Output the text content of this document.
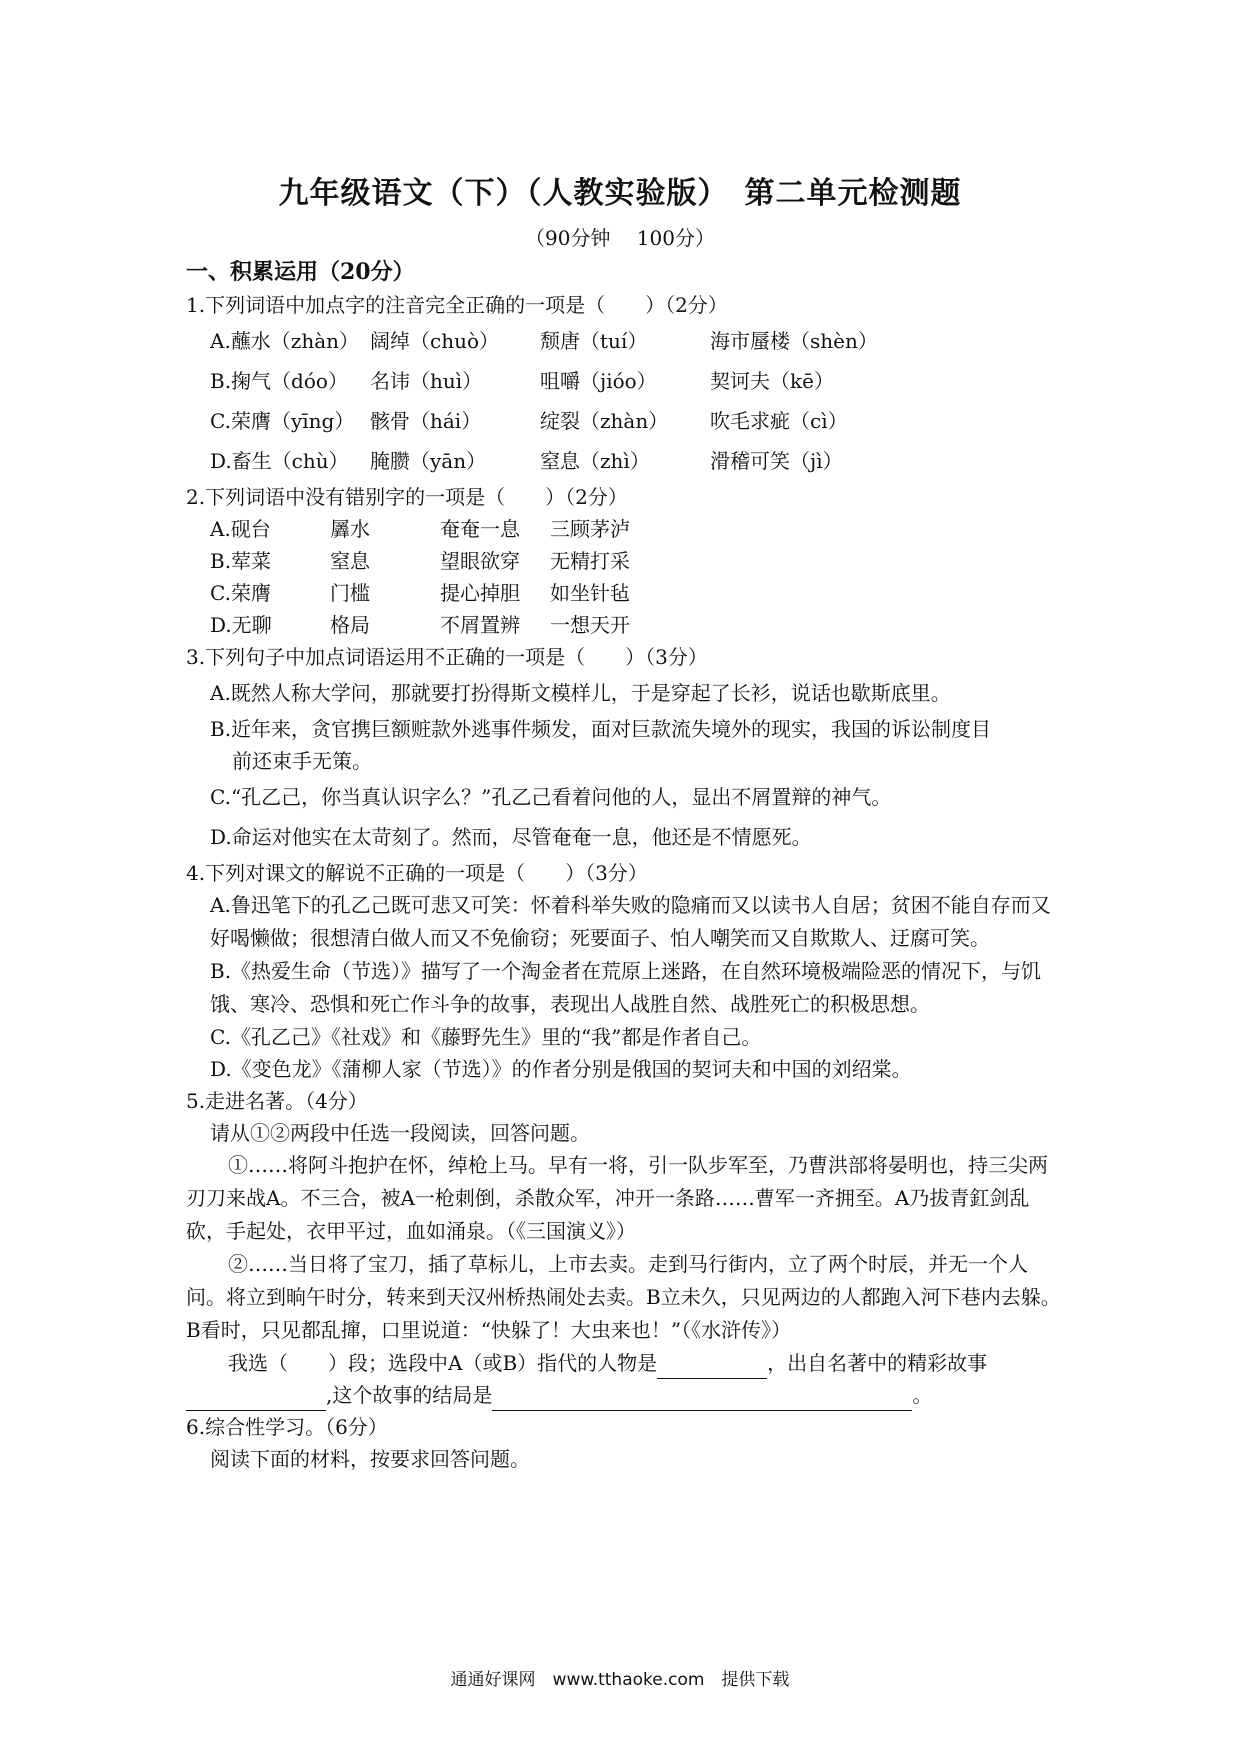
九年级语文（下）（人教实验版）　第二单元检测题
（90分钟　 100分）
一、积累运用（20分）
1.下列词语中加点字的注音完全正确的一项是（　　）（2分）
A.蘸水（zhàn） 阔绰（chuò）	颓唐（tuí）	海市蜃楼（shèn）
B.掬气（dóo）	名讳（huì）	咀嚼（jióo）	契诃夫（kē）
C.荣膺（yīng） 骸骨（hái）	绽裂（zhàn）	吹毛求疵（cì）
D.畜生（chù）	腌臜（yān）	窒息（zhì）	滑稽可笑（jì）
2.下列词语中没有错别字的一项是（　　）（2分）
A.砚台	羼水	奄奄一息	三顾茅泸
B.荤菜	窒息	望眼欲穿	无精打采
C.荣膺	门槛	提心掉胆	如坐针毡
D.无聊	格局	不屑置辨	一想天开
3.下列句子中加点词语运用不正确的一项是（　　）（3分）
A.既然人称大学问，那就要打扮得斯文模样儿，于是穿起了长衫，说话也歇斯底里。
B.近年来，贪官携巨额赃款外逃事件频发，面对巨款流失境外的现实，我国的诉讼制度目
前还束手无策。
C.“孔乙己，你当真认识字么？”孔乙己看着问他的人，显出不屑置辩的神气。
D.命运对他实在太苛刻了。然而，尽管奄奄一息，他还是不情愿死。
4.下列对课文的解说不正确的一项是（　　）（3分）
A.鲁迅笔下的孔乙己既可悲又可笑：怀着科举失败的隐痛而又以读书人自居；贫困不能自存而又好喝懒做；很想清白做人而又不免偷窃；死要面子、怕人嘲笑而又自欺欺人、迂腐可笑。
B.《热爱生命（节选）》描写了一个淘金者在荒原上迷路，在自然环境极端险恶的情况下，与饥饿、寒冷、恐惧和死亡作斗争的故事，表现出人战胜自然、战胜死亡的积极思想。
C.《孔乙己》《社戏》和《藤野先生》里的“我”都是作者自己。
D.《变色龙》《蒲柳人家（节选）》的作者分别是俄国的契诃夫和中国的刘绍棠。
5.走进名著。（4分）
请从①②两段中任选一段阅读，回答问题。
①……将阿斗抱护在怀，绰枪上马。早有一将，引一队步军至，乃曹洪部将晏明也，持三尖两刃刀来战A。不三合，被A一枪刺倒，杀散众军，冲开一条路……曹军一齐拥至。A乃拔青釭剑乱砍，手起处，衣甲平过，血如涌泉。（《三国演义》）
②……当日将了宝刀，插了草标儿，上市去卖。走到马行街内，立了两个时辰，并无一个人问。将立到晌午时分，转来到天汉州桥热闹处去卖。B立未久，只见两边的人都跑入河下巷内去躲。B看时，只见都乱撺，口里说道：“快躲了！大虫来也！”（《水浒传》）
我选（　　）段；选段中A（或B）指代的人物是	，出自名著中的精彩故事
,这个故事的结局是	。
6.综合性学习。（6分）
阅读下面的材料，按要求回答问题。
通通好课网　www.tthaoke.com　提供下载
